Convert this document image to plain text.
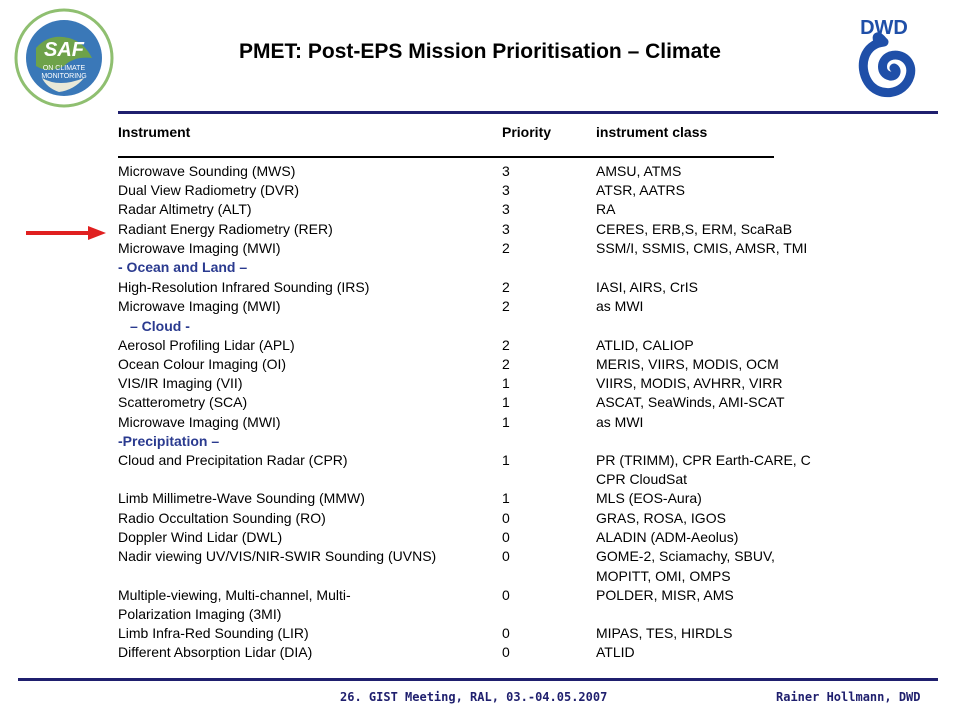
SAF
ON CLIMATE
MONITORING
DWD
PMET: Post-EPS Mission Prioritisation – Climate
Instrument	Priority	instrument class
Microwave Sounding (MWS)	3	AMSU, ATMS
Dual View Radiometry (DVR)	3	ATSR, AATRS
Radar Altimetry (ALT)	3	RA
Radiant Energy Radiometry (RER)	3	CERES, ERB,S, ERM, ScaRaB
Microwave Imaging (MWI)	2	SSM/I, SSMIS, CMIS, AMSR, TMI
- Ocean and Land –
High-Resolution Infrared Sounding (IRS)	2	IASI, AIRS, CrIS
Microwave Imaging (MWI)	2	as MWI
– Cloud -
Aerosol Profiling Lidar (APL)	2	ATLID, CALIOP
Ocean Colour Imaging (OI)	2	MERIS, VIIRS, MODIS, OCM
VIS/IR Imaging (VII)	1	VIIRS, MODIS, AVHRR, VIRR
Scatterometry (SCA)	1	ASCAT, SeaWinds, AMI-SCAT
Microwave Imaging (MWI)	1	as MWI
-Precipitation –
Cloud and Precipitation Radar (CPR)	1	PR (TRIMM), CPR Earth-CARE, C
CPR CloudSat
Limb Millimetre-Wave Sounding (MMW)	1	MLS (EOS-Aura)
Radio Occultation Sounding (RO)	0	GRAS, ROSA, IGOS
Doppler Wind Lidar (DWL)	0	ALADIN (ADM-Aeolus)
Nadir viewing UV/VIS/NIR-SWIR Sounding (UVNS)	0	GOME-2, Sciamachy, SBUV,
MOPITT, OMI, OMPS
Multiple-viewing, Multi-channel, Multi-	0	POLDER, MISR, AMS
Polarization Imaging (3MI)
Limb Infra-Red Sounding (LIR)	0	MIPAS, TES, HIRDLS
Different Absorption Lidar (DIA)	0	ATLID
26. GIST Meeting, RAL, 03.-04.05.2007	Rainer Hollmann, DWD
